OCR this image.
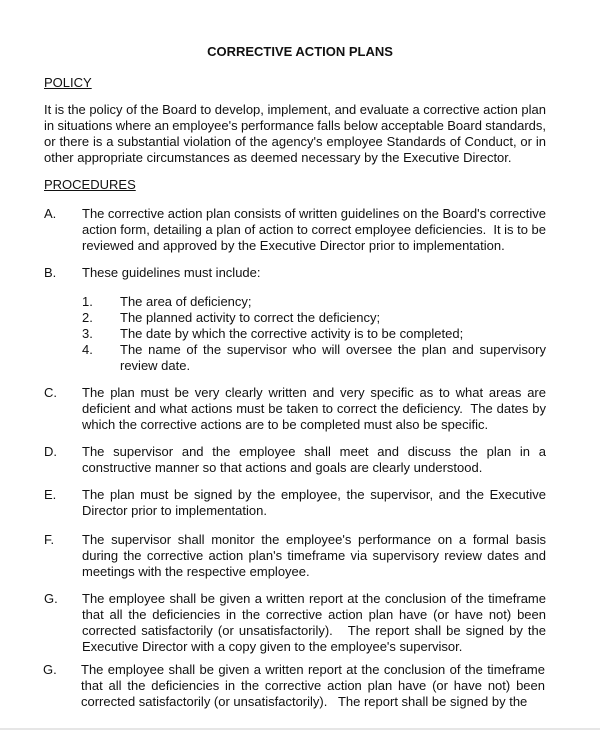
CORRECTIVE ACTION PLANS
POLICY
It is the policy of the Board to develop, implement, and evaluate a corrective action plan
in situations where an employee's performance falls below acceptable Board standards,
or there is a substantial violation of the agency's employee Standards of Conduct, or in
other appropriate circumstances as deemed necessary by the Executive Director.
PROCEDURES
A. The corrective action plan consists of written guidelines on the Board's corrective
action form, detailing a plan of action to correct employee deficiencies.  It is to be
reviewed and approved by the Executive Director prior to implementation.
B. These guidelines must include:
1. The area of deficiency;
2. The planned activity to correct the deficiency;
3. The date by which the corrective activity is to be completed;
4. The name of the supervisor who will oversee the plan and supervisory
review date.
C. The plan must be very clearly written and very specific as to what areas are
deficient and what actions must be taken to correct the deficiency.  The dates by
which the corrective actions are to be completed must also be specific.
D. The supervisor and the employee shall meet and discuss the plan in a
constructive manner so that actions and goals are clearly understood.
E. The plan must be signed by the employee, the supervisor, and the Executive
Director prior to implementation.
F. The supervisor shall monitor the employee's performance on a formal basis
during the corrective action plan's timeframe via supervisory review dates and
meetings with the respective employee.
G. The employee shall be given a written report at the conclusion of the timeframe
that all the deficiencies in the corrective action plan have (or have not) been
corrected satisfactorily (or unsatisfactorily).   The report shall be signed by the
Executive Director with a copy given to the employee's supervisor.
G. The employee shall be given a written report at the conclusion of the timeframe
that all the deficiencies in the corrective action plan have (or have not) been
corrected satisfactorily (or unsatisfactorily).   The report shall be signed by the
